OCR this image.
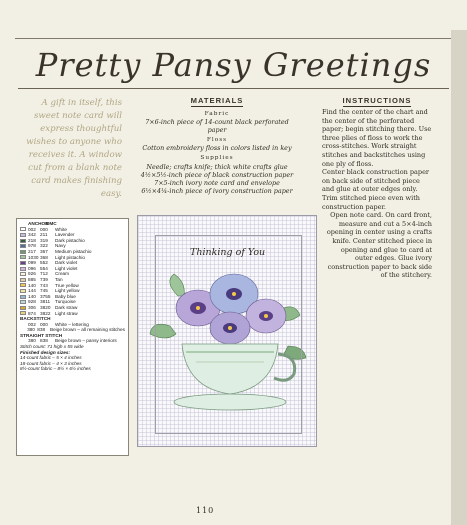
Pretty Pansy Greetings
A gift in itself, this sweet note card will express thoughtful wishes to anyone who receives it. A window cut from a blank note card makes finishing easy.
MATERIALS
Fabric
7×6-inch piece of 14-count black perforated paper
Floss
Cotton embroidery floss in colors listed in key
Supplies
Needle; crafts knife; thick white crafts glue
4½×5½-inch piece of black construction paper
7×5-inch ivory note card and envelope
6½×4¼-inch piece of ivory construction paper
INSTRUCTIONS

Find the center of the chart and the center of the perforated paper; begin stitching there. Use three plies of floss to work the cross-stitches. Work straight stitches and backstitches using one ply of floss.

Center black construction paper on back side of stitched piece and glue at outer edges only. Trim stitched piece even with construction paper.

Open note card. On card front, measure and cut a 5×4-inch opening in center using a crafts knife. Center stitched piece in opening and glue to card at outer edges. Glue ivory construction paper to back side of the stitchery.

ANCHOR
DMC
002 000	White
342 211	Lavender
218 319	Dark pistachio
978 322	Navy
217 367	Medium pistachio
1030 368	Light pistachio
099 552	Dark violet
096 554	Light violet
926 712	Cream
885 739	Tan
140 743	True yellow
144 745	Light yellow
140 3755 Baby blue
928 3811	Turquoise
306 3820 Dark straw
874 3822 Light straw
BACKSTITCH
002 000	White – lettering
380 838	Beige brown – all remaining stitches
STRAIGHT STITCH
380 838	Beige brown – pansy interiors
Stitch count: 71 high x 55 wide
Finished design sizes:
14-count fabric – 5 × 4 inches
18-count fabric – 4 × 3 inches
8½-count fabric – 8½ × 6½ inches
Thinking of You
110
